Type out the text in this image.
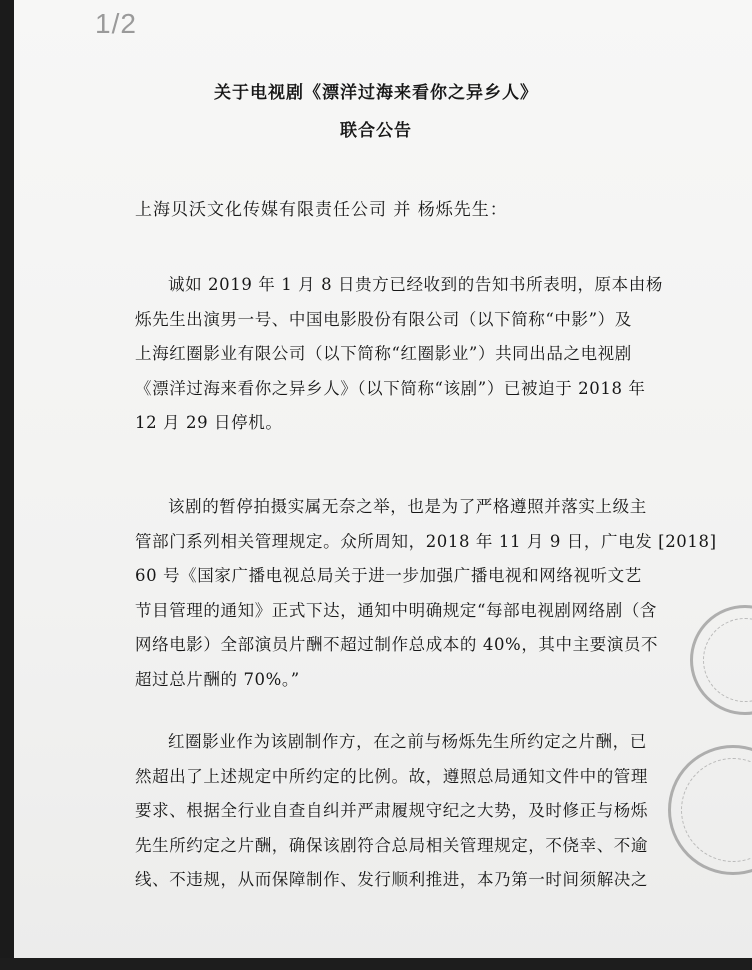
1/2
关于电视剧《漂洋过海来看你之异乡人》
联合公告
上海贝沃文化传媒有限责任公司 并 杨烁先生：
诚如 2019 年 1 月 8 日贵方已经收到的告知书所表明，原本由杨
烁先生出演男一号、中国电影股份有限公司（以下简称“中影”）及
上海红圈影业有限公司（以下简称“红圈影业”）共同出品之电视剧
《漂洋过海来看你之异乡人》（以下简称“该剧”）已被迫于 2018 年
12 月 29 日停机。
该剧的暂停拍摄实属无奈之举，也是为了严格遵照并落实上级主
管部门系列相关管理规定。众所周知，2018 年 11 月 9 日，广电发 [2018]
60 号《国家广播电视总局关于进一步加强广播电视和网络视听文艺
节目管理的通知》正式下达，通知中明确规定“每部电视剧网络剧（含
网络电影）全部演员片酬不超过制作总成本的 40%，其中主要演员不
超过总片酬的 70%。”
红圈影业作为该剧制作方，在之前与杨烁先生所约定之片酬，已
然超出了上述规定中所约定的比例。故，遵照总局通知文件中的管理
要求、根据全行业自查自纠并严肃履规守纪之大势，及时修正与杨烁
先生所约定之片酬，确保该剧符合总局相关管理规定，不侥幸、不逾
线、不违规，从而保障制作、发行顺利推进，本乃第一时间须解决之
